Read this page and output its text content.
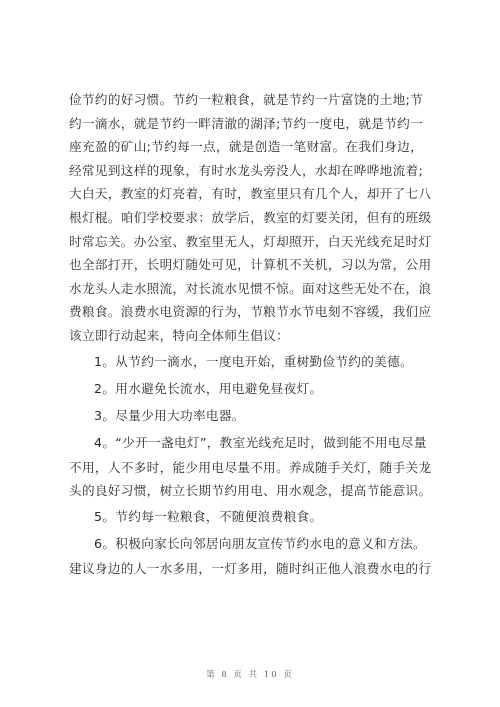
俭节约的好习惯。节约一粒粮食，就是节约一片富饶的土地;节
约一滴水，就是节约一畔清澈的湖泽;节约一度电，就是节约一
座充盈的矿山;节约每一点，就是创造一笔财富。在我们身边，
经常见到这样的现象，有时水龙头旁没人，水却在哗哗地流着;
大白天，教室的灯亮着，有时，教室里只有几个人，却开了七八
根灯棍。咱们学校要求：放学后，教室的灯要关闭，但有的班级
时常忘关。办公室、教室里无人，灯却照开，白天光线充足时灯
也全部打开，长明灯随处可见，计算机不关机，习以为常，公用
水龙头人走水照流，对长流水见惯不惊。面对这些无处不在，浪
费粮食。浪费水电资源的行为，节粮节水节电刻不容缓，我们应
该立即行动起来，特向全体师生倡议：
1。从节约一滴水，一度电开始，重树勤俭节约的美德。
2。用水避免长流水，用电避免昼夜灯。
3。尽量少用大功率电器。
4。“少开一盏电灯”，教室光线充足时，做到能不用电尽量
不用，人不多时，能少用电尽量不用。养成随手关灯，随手关龙
头的良好习惯，树立长期节约用电、用水观念，提高节能意识。
5。节约每一粒粮食，不随便浪费粮食。
6。积极向家长向邻居向朋友宣传节约水电的意义和方法。
建议身边的人一水多用，一灯多用，随时纠正他人浪费水电的行
第 8 页 共 10 页
